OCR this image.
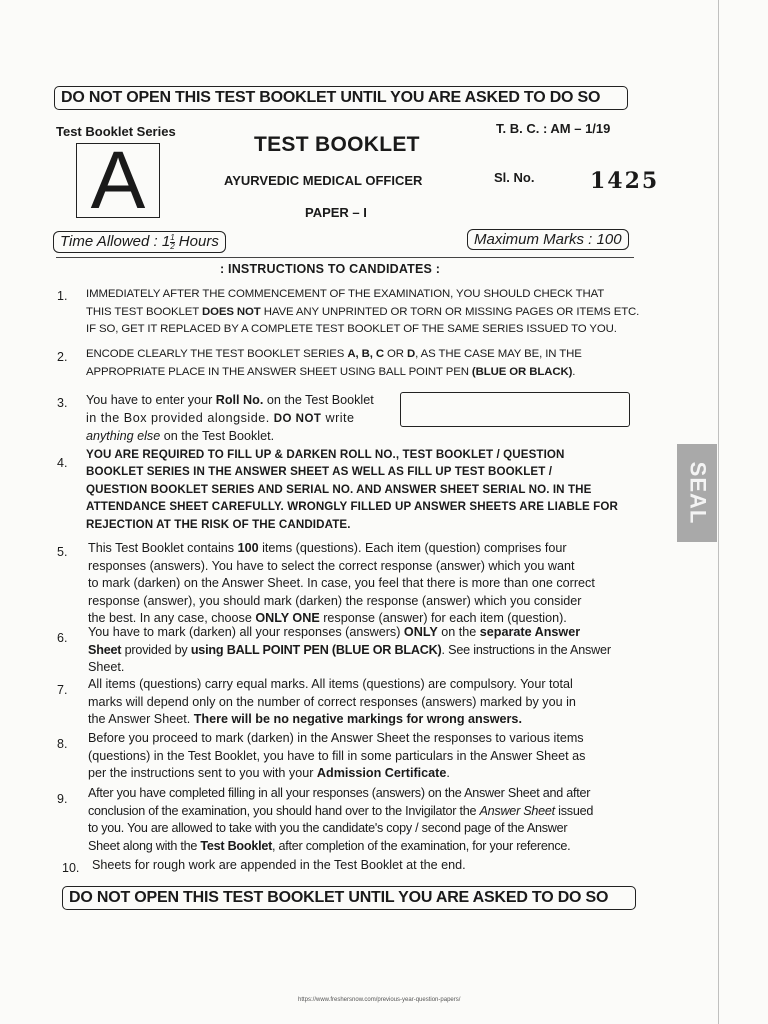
DO NOT OPEN THIS TEST BOOKLET UNTIL YOU ARE ASKED TO DO SO
Test Booklet Series
A	TEST BOOKLET
AYURVEDIC MEDICAL OFFICER
PAPER – I
T. B. C. : AM – 1/19
Sl. No.	1425
Time Allowed : $1 \frac{1}{2}$ Hours	Maximum Marks : 100
: INSTRUCTIONS TO CANDIDATES :
1. IMMEDIATELY AFTER THE COMMENCEMENT OF THE EXAMINATION, YOU SHOULD CHECK THAT
THIS TEST BOOKLET DOES NOT HAVE ANY UNPRINTED OR TORN OR MISSING PAGES OR ITEMS ETC.
IF SO, GET IT REPLACED BY A COMPLETE TEST BOOKLET OF THE SAME SERIES ISSUED TO YOU.
2. ENCODE CLEARLY THE TEST BOOKLET SERIES A, B, C OR D, AS THE CASE MAY BE, IN THE
APPROPRIATE PLACE IN THE ANSWER SHEET USING BALL POINT PEN (BLUE OR BLACK).
3. You have to enter your Roll No. on the Test Booklet
in the Box provided alongside. DO NOT write
anything else on the Test Booklet.
4.
YOU ARE REQUIRED TO FILL UP & DARKEN ROLL NO., TEST BOOKLET / QUESTION
BOOKLET SERIES IN THE ANSWER SHEET AS WELL AS FILL UP TEST BOOKLET /
QUESTION BOOKLET SERIES AND SERIAL NO. AND ANSWER SHEET SERIAL NO. IN THE
ATTENDANCE SHEET CAREFULLY. WRONGLY FILLED UP ANSWER SHEETS ARE LIABLE FOR
REJECTION AT THE RISK OF THE CANDIDATE.
5. This Test Booklet contains 100 items (questions). Each item (question) comprises four
responses (answers). You have to select the correct response (answer) which you want
to mark (darken) on the Answer Sheet. In case, you feel that there is more than one correct
response (answer), you should mark (darken) the response (answer) which you consider
the best. In any case, choose ONLY ONE response (answer) for each item (question).
6. You have to mark (darken) all your responses (answers) ONLY on the separate Answer
Sheet provided by using BALL POINT PEN (BLUE OR BLACK). See instructions in the Answer
Sheet.
7. All items (questions) carry equal marks. All items (questions) are compulsory. Your total
marks will depend only on the number of correct responses (answers) marked by you in
the Answer Sheet. There will be no negative markings for wrong answers.
8. Before you proceed to mark (darken) in the Answer Sheet the responses to various items
(questions) in the Test Booklet, you have to fill in some particulars in the Answer Sheet as
per the instructions sent to you with your Admission Certificate.
9. After you have completed filling in all your responses (answers) on the Answer Sheet and after
conclusion of the examination, you should hand over to the Invigilator the Answer Sheet issued
to you. You are allowed to take with you the candidate's copy / second page of the Answer
Sheet along with the Test Booklet, after completion of the examination, for your reference.
10. Sheets for rough work are appended in the Test Booklet at the end.
DO NOT OPEN THIS TEST BOOKLET UNTIL YOU ARE ASKED TO DO SO
SEAL
https://www.freshersnow.com/previous-year-question-papers/
